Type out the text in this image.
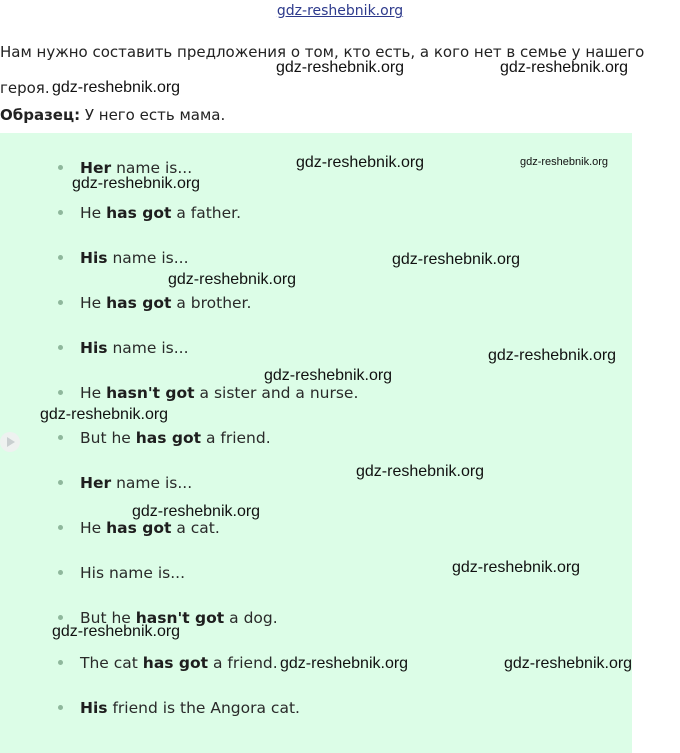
gdz-reshebnik.org
Нам нужно составить предложения о том, кто есть, а кого нет в семье у нашего героя.
Образец: У него есть мама.
Her name is...
He has got a father.
His name is...
He has got a brother.
His name is...
He hasn't got a sister and a nurse.
But he has got a friend.
Her name is...
He has got a cat.
His name is...
But he hasn't got a dog.
The cat has got a friend.
His friend is the Angora cat.
gdz-reshebnik.org
gdz-reshebnik.org	gdz-reshebnik.org
gdz-reshebnik.org	gdz-reshebnik.org
gdz-reshebnik.org
gdz-reshebnik.org
gdz-reshebnik.org
gdz-reshebnik.org
gdz-reshebnik.org
gdz-reshebnik.org
gdz-reshebnik.org
gdz-reshebnik.org
gdz-reshebnik.org
gdz-reshebnik.org
gdz-reshebnik.org	gdz-reshebnik.org
